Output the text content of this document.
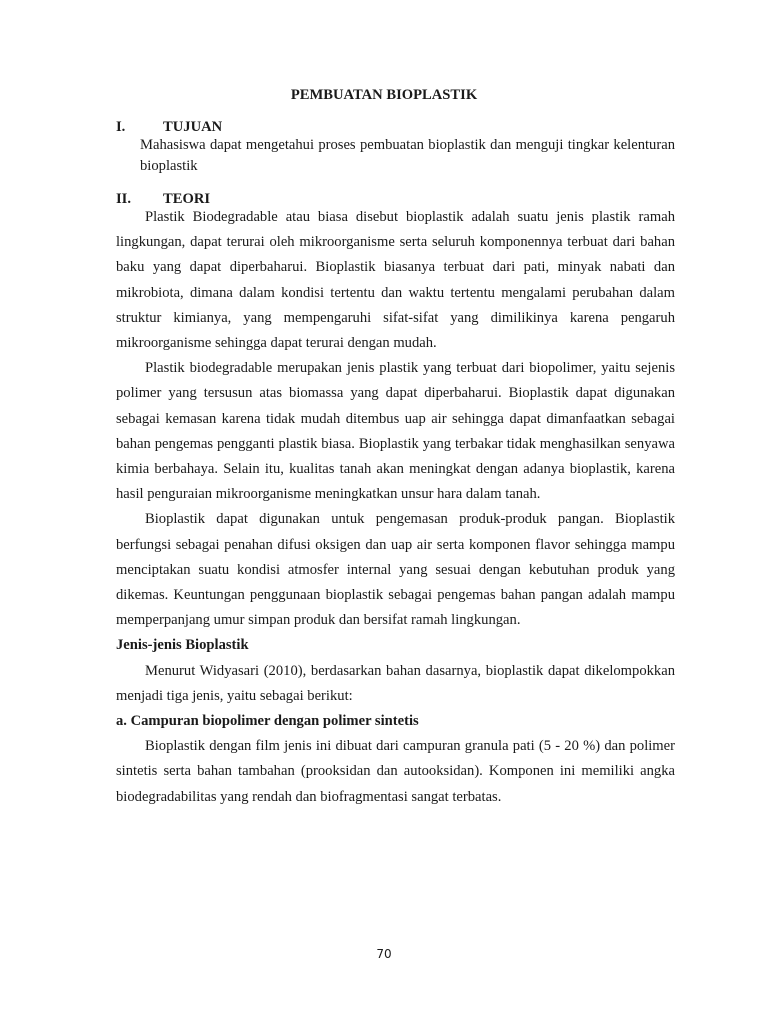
PEMBUATAN BIOPLASTIK
I.	TUJUAN
Mahasiswa dapat mengetahui proses pembuatan bioplastik dan menguji tingkar kelenturan bioplastik
II. TEORI

Plastik Biodegradable atau biasa disebut bioplastik adalah suatu jenis plastik ramah lingkungan, dapat terurai oleh mikroorganisme serta seluruh komponennya terbuat dari bahan baku yang dapat diperbaharui. Bioplastik biasanya terbuat dari pati, minyak nabati dan mikrobiota, dimana dalam kondisi tertentu dan waktu tertentu mengalami perubahan dalam struktur kimianya, yang mempengaruhi sifat-sifat yang dimilikinya karena pengaruh mikroorganisme sehingga dapat terurai dengan mudah.

Plastik biodegradable merupakan jenis plastik yang terbuat dari biopolimer, yaitu sejenis polimer yang tersusun atas biomassa yang dapat diperbaharui. Bioplastik dapat digunakan sebagai kemasan karena tidak mudah ditembus uap air sehingga dapat dimanfaatkan sebagai bahan pengemas pengganti plastik biasa. Bioplastik yang terbakar tidak menghasilkan senyawa kimia berbahaya. Selain itu, kualitas tanah akan meningkat dengan adanya bioplastik, karena hasil penguraian mikroorganisme meningkatkan unsur hara dalam tanah.

Bioplastik dapat digunakan untuk pengemasan produk-produk pangan. Bioplastik berfungsi sebagai penahan difusi oksigen dan uap air serta komponen flavor sehingga mampu menciptakan suatu kondisi atmosfer internal yang sesuai dengan kebutuhan produk yang dikemas. Keuntungan penggunaan bioplastik sebagai pengemas bahan pangan adalah mampu memperpanjang umur simpan produk dan bersifat ramah lingkungan.

Jenis-jenis Bioplastik

Menurut Widyasari (2010), berdasarkan bahan dasarnya, bioplastik dapat dikelompokkan menjadi tiga jenis, yaitu sebagai berikut:

a. Campuran biopolimer dengan polimer sintetis

Bioplastik dengan film jenis ini dibuat dari campuran granula pati (5 - 20 %) dan polimer sintetis serta bahan tambahan (prooksidan dan autooksidan). Komponen ini memiliki angka biodegradabilitas yang rendah dan biofragmentasi sangat terbatas.

70
